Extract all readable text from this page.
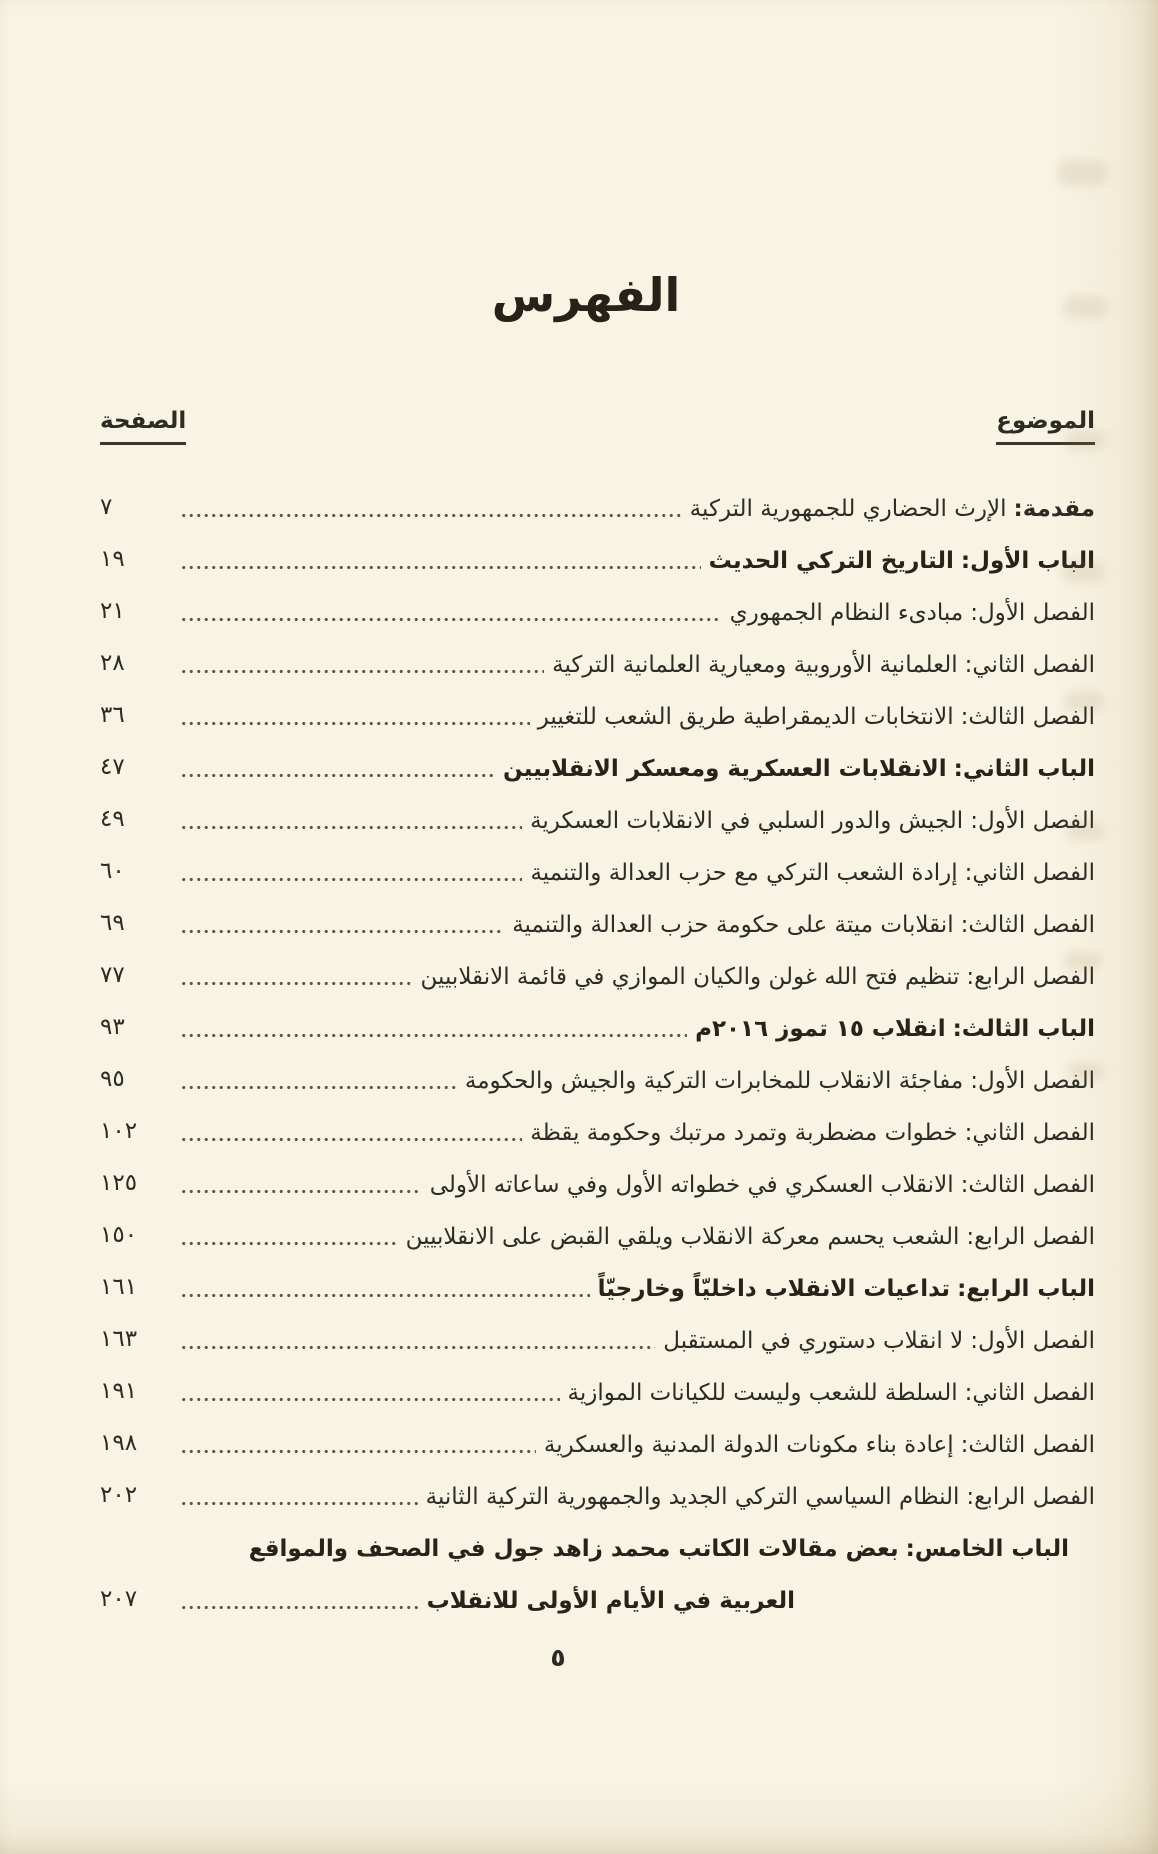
الفهرس
الموضوع
الصفحة
مقدمة:الإرث الحضاري للجمهورية التركية
٧
الباب الأول:التاريخ التركي الحديث
١٩
الفصل الأول:مبادىء النظام الجمهوري
٢١
الفصل الثاني:العلمانية الأوروبية ومعيارية العلمانية التركية
٢٨
الفصل الثالث:الانتخابات الديمقراطية طريق الشعب للتغيير
٣٦
الباب الثاني:الانقلابات العسكرية ومعسكر الانقلابيين
٤٧
الفصل الأول:الجيش والدور السلبي في الانقلابات العسكرية
٤٩
الفصل الثاني:إرادة الشعب التركي مع حزب العدالة والتنمية
٦٠
الفصل الثالث:انقلابات ميتة على حكومة حزب العدالة والتنمية
٦٩
الفصل الرابع:تنظيم فتح الله غولن والكيان الموازي في قائمة الانقلابيين
٧٧
الباب الثالث:انقلاب ١٥ تموز ٢٠١٦م
٩٣
الفصل الأول:مفاجئة الانقلاب للمخابرات التركية والجيش والحكومة
٩٥
الفصل الثاني:خطوات مضطربة وتمرد مرتبك وحكومة يقظة
١٠٢
الفصل الثالث:الانقلاب العسكري في خطواته الأول وفي ساعاته الأولى
١٢٥
الفصل الرابع:الشعب يحسم معركة الانقلاب ويلقي القبض على الانقلابيين
١٥٠
الباب الرابع:تداعيات الانقلاب داخليّاً وخارجيّاً
١٦١
الفصل الأول:لا انقلاب دستوري في المستقبل
١٦٣
الفصل الثاني:السلطة للشعب وليست للكيانات الموازية
١٩١
الفصل الثالث:إعادة بناء مكونات الدولة المدنية والعسكرية
١٩٨
الفصل الرابع:النظام السياسي التركي الجديد والجمهورية التركية الثانية
٢٠٢
الباب الخامس:بعض مقالات الكاتب محمد زاهد جول في الصحف والمواقع
العربية في الأيام الأولى للانقلاب
٢٠٧
٥
